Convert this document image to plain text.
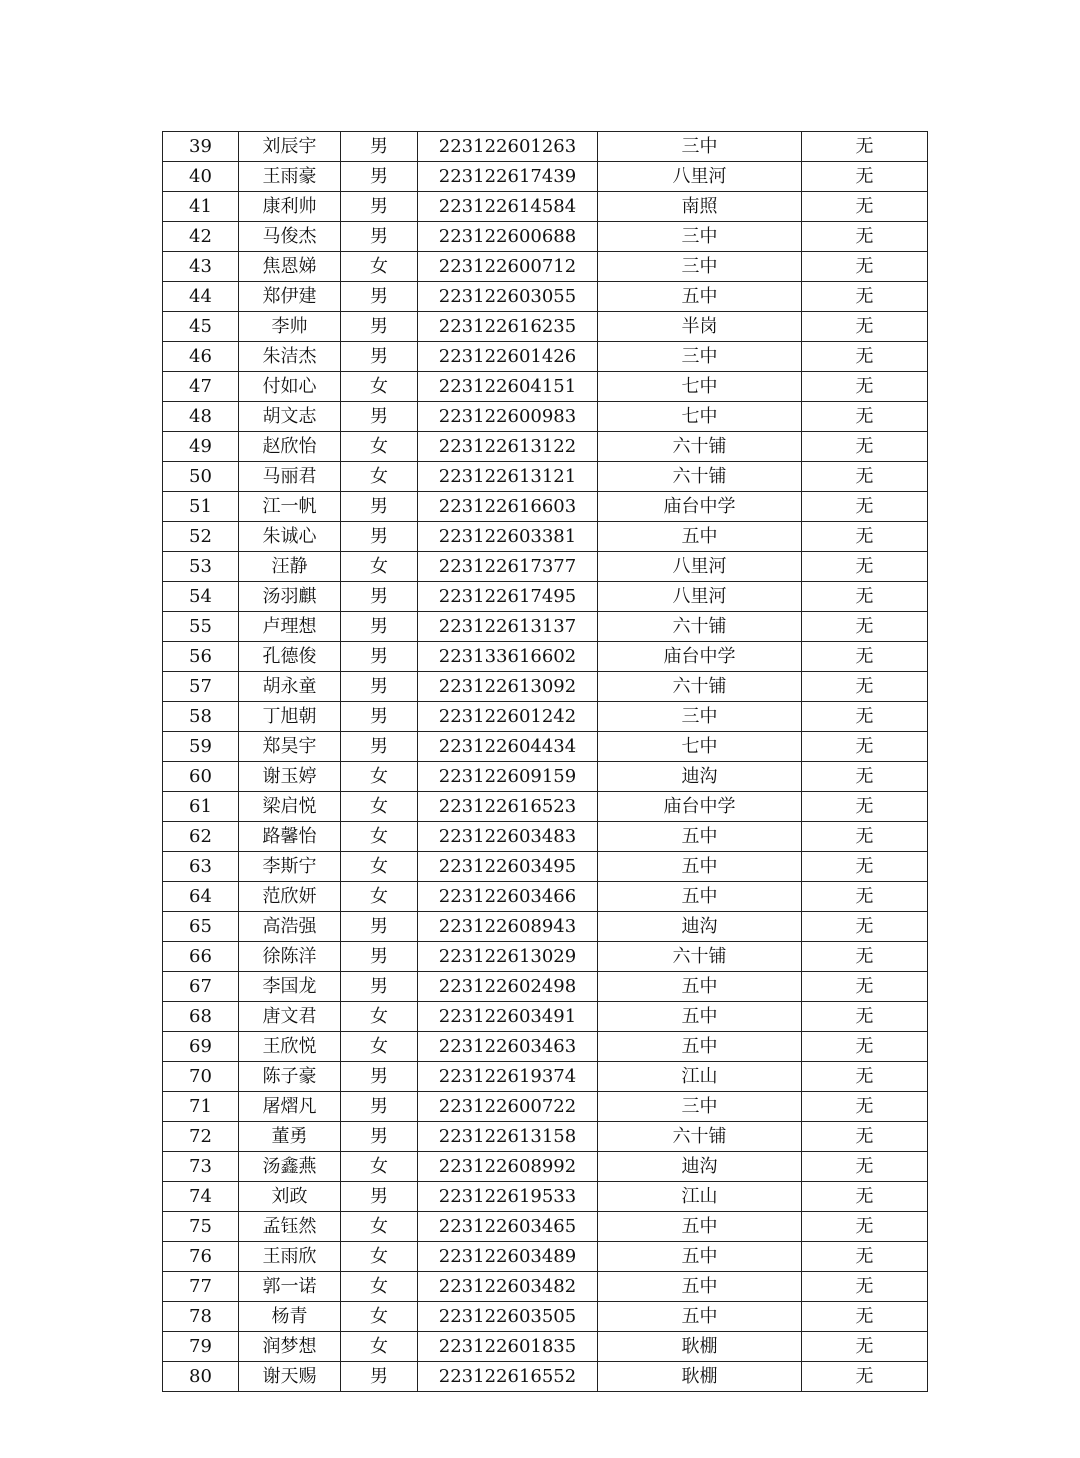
39	刘辰宇	男	223122601263	三中	无
40	王雨豪	男	223122617439	八里河	无
41	康利帅	男	223122614584	南照	无
42	马俊杰	男	223122600688	三中	无
43	焦恩娣	女	223122600712	三中	无
44	郑伊建	男	223122603055	五中	无
45	李帅	男	223122616235	半岗	无
46	朱洁杰	男	223122601426	三中	无
47	付如心	女	223122604151	七中	无
48	胡文志	男	223122600983	七中	无
49	赵欣怡	女	223122613122	六十铺	无
50	马丽君	女	223122613121	六十铺	无
51	江一帆	男	223122616603	庙台中学	无
52	朱诚心	男	223122603381	五中	无
53	汪静	女	223122617377	八里河	无
54	汤羽麒	男	223122617495	八里河	无
55	卢理想	男	223122613137	六十铺	无
56	孔德俊	男	223133616602	庙台中学	无
57	胡永童	男	223122613092	六十铺	无
58	丁旭朝	男	223122601242	三中	无
59	郑昊宇	男	223122604434	七中	无
60	谢玉婷	女	223122609159	迪沟	无
61	梁启悦	女	223122616523	庙台中学	无
62	路馨怡	女	223122603483	五中	无
63	李斯宁	女	223122603495	五中	无
64	范欣妍	女	223122603466	五中	无
65	高浩强	男	223122608943	迪沟	无
66	徐陈洋	男	223122613029	六十铺	无
67	李国龙	男	223122602498	五中	无
68	唐文君	女	223122603491	五中	无
69	王欣悦	女	223122603463	五中	无
70	陈子豪	男	223122619374	江山	无
71	屠熠凡	男	223122600722	三中	无
72	董勇	男	223122613158	六十铺	无
73	汤鑫燕	女	223122608992	迪沟	无
74	刘政	男	223122619533	江山	无
75	孟钰然	女	223122603465	五中	无
76	王雨欣	女	223122603489	五中	无
77	郭一诺	女	223122603482	五中	无
78	杨青	女	223122603505	五中	无
79	润梦想	女	223122601835	耿棚	无
80	谢天赐	男	223122616552	耿棚	无
